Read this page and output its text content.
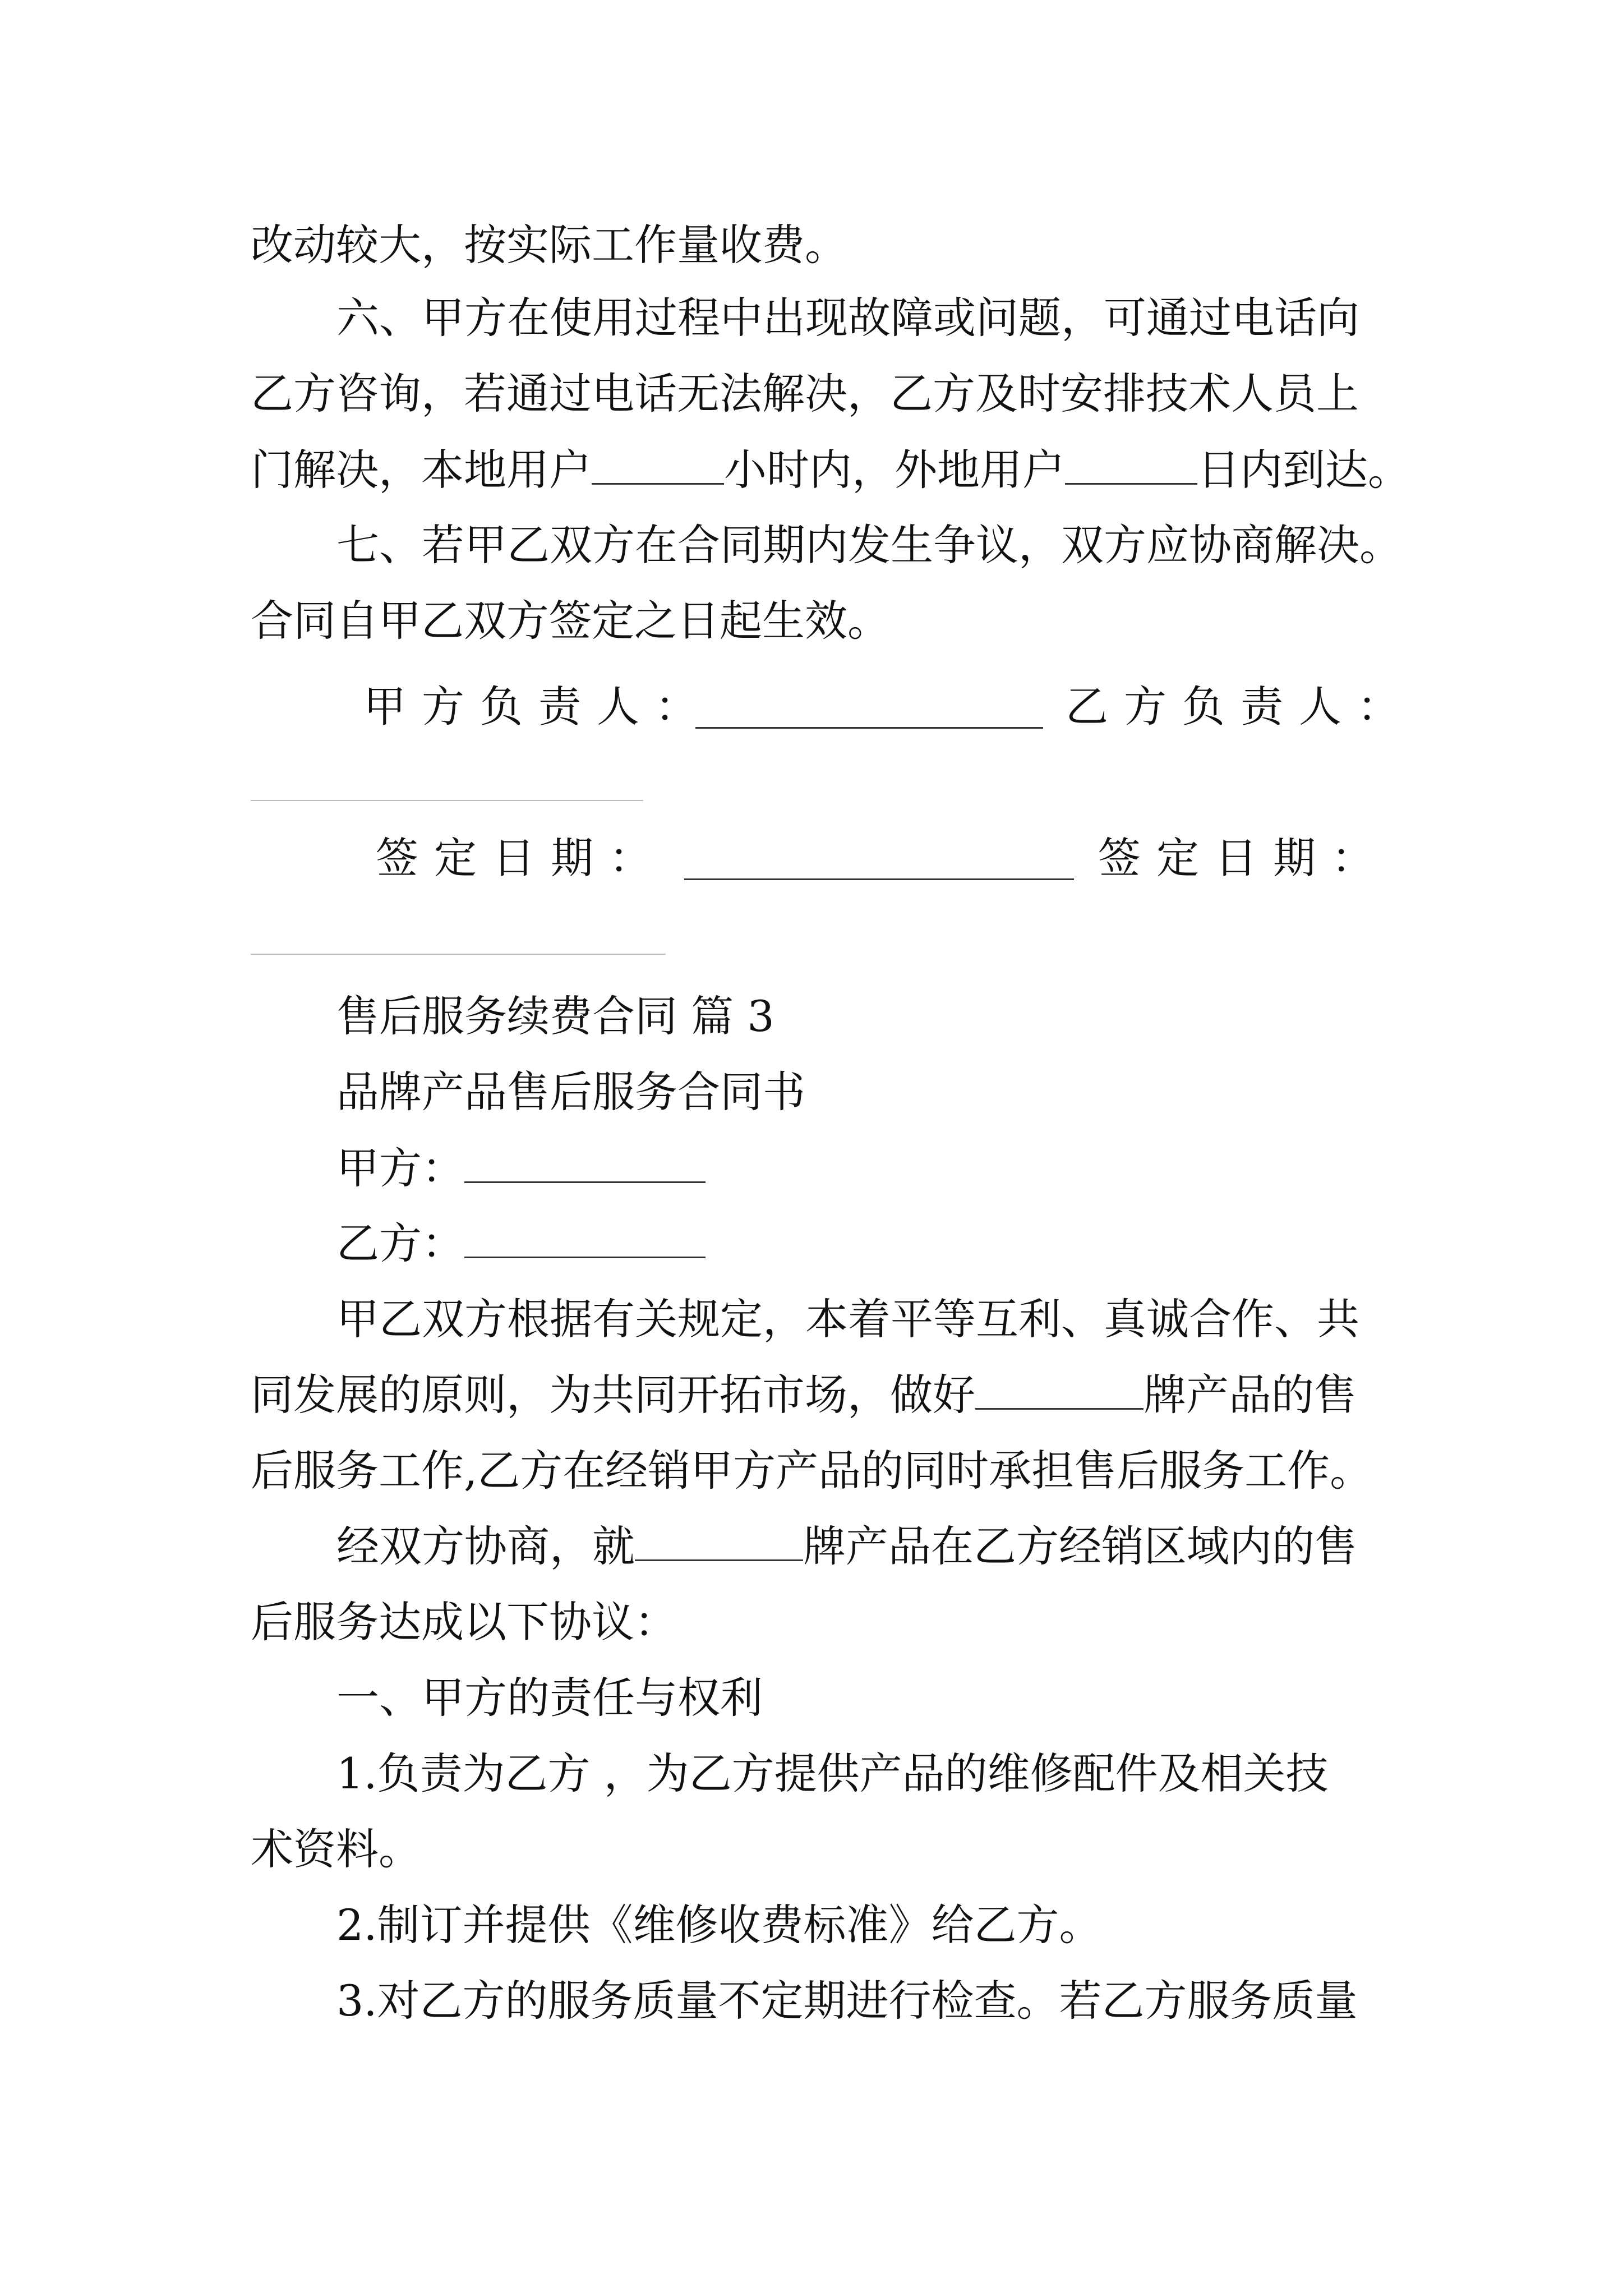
改动较大，按实际工作量收费。
六、甲方在使用过程中出现故障或问题，可通过电话向
乙方咨询，若通过电话无法解决，乙方及时安排技术人员上
门解决，本地用户	小时内，外地用户	日内到达。
七、若甲乙双方在合同期内发生争议，双方应协商解决。
合同自甲乙双方签定之日起生效。
甲方负责人：	乙方负责人：
签定日期：	签定日期：
售后服务续费合同 篇 3
品牌产品售后服务合同书
甲方：
乙方：
甲乙双方根据有关规定，本着平等互利、真诚合作、共
同发展的原则，为共同开拓市场，做好	牌产品的售
后服务工作,乙方在经销甲方产品的同时承担售后服务工作。
经双方协商，就	牌产品在乙方经销区域内的售
后服务达成以下协议：
一、甲方的责任与权利
1.负责为乙方 ，为乙方提供产品的维修配件及相关技
术资料。
2.制订并提供《维修收费标准》给乙方。
3.对乙方的服务质量不定期进行检查。若乙方服务质量
